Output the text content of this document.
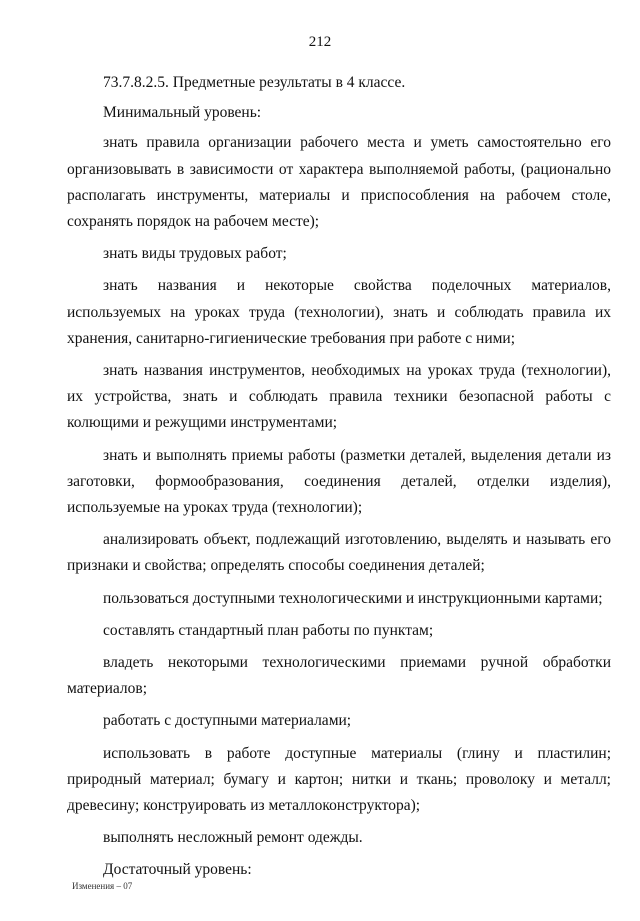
212

73.7.8.2.5. Предметные результаты в 4 классе.

Минимальный уровень:

знать правила организации рабочего места и уметь самостоятельно его организовывать в зависимости от характера выполняемой работы, (рационально располагать инструменты, материалы и приспособления на рабочем столе, сохранять порядок на рабочем месте);

знать виды трудовых работ;

знать названия и некоторые свойства поделочных материалов, используемых на уроках труда (технологии), знать и соблюдать правила их хранения, санитарно-гигиенические требования при работе с ними;

знать названия инструментов, необходимых на уроках труда (технологии), их устройства, знать и соблюдать правила техники безопасной работы с колющими и режущими инструментами;

знать и выполнять приемы работы (разметки деталей, выделения детали из заготовки, формообразования, соединения деталей, отделки изделия), используемые на уроках труда (технологии);

анализировать объект, подлежащий изготовлению, выделять и называть его признаки и свойства; определять способы соединения деталей;

пользоваться доступными технологическими и инструкционными картами;

составлять стандартный план работы по пунктам;

владеть некоторыми технологическими приемами ручной обработки материалов;

работать с доступными материалами;

использовать в работе доступные материалы (глину и пластилин; природный материал; бумагу и картон; нитки и ткань; проволоку и металл; древесину; конструировать из металлоконструктора);

выполнять несложный ремонт одежды.

Достаточный уровень:

Изменения – 07
